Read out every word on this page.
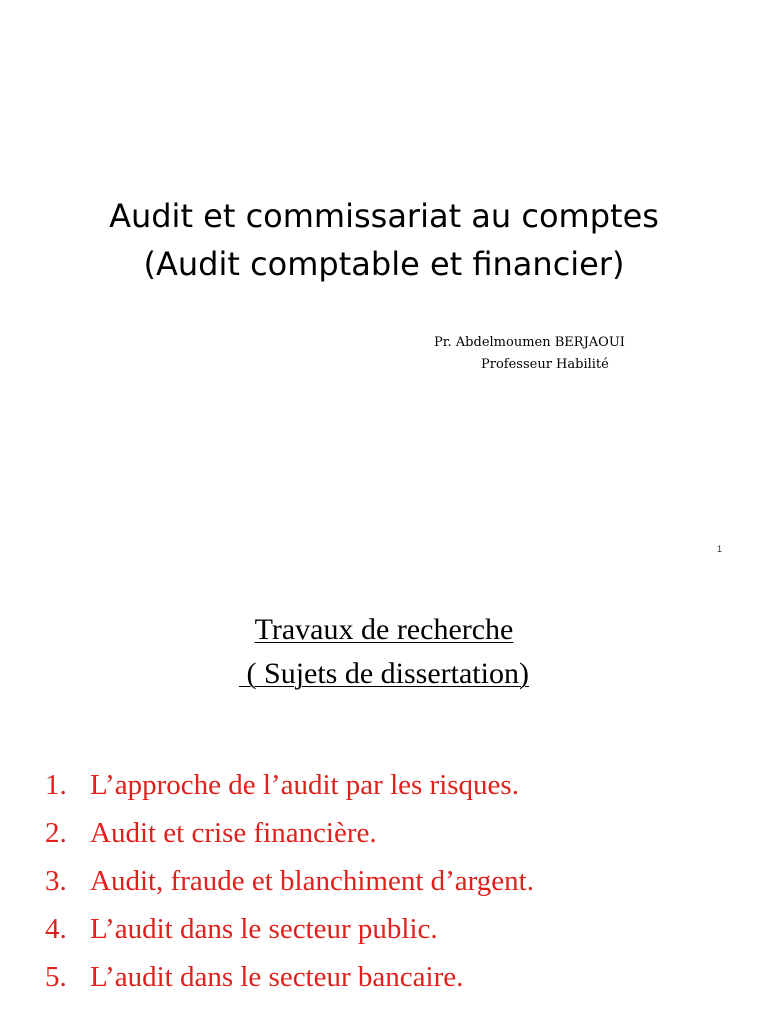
Audit et commissariat au comptes
(Audit comptable et financier)
Pr. Abdelmoumen BERJAOUI
Professeur Habilité
1
Travaux de recherche
( Sujets de dissertation)
1. L’approche de l’audit par les risques.
2. Audit et crise financière.
3. Audit, fraude et blanchiment d’argent.
4. L’audit dans le secteur public.
5. L’audit dans le secteur bancaire.
